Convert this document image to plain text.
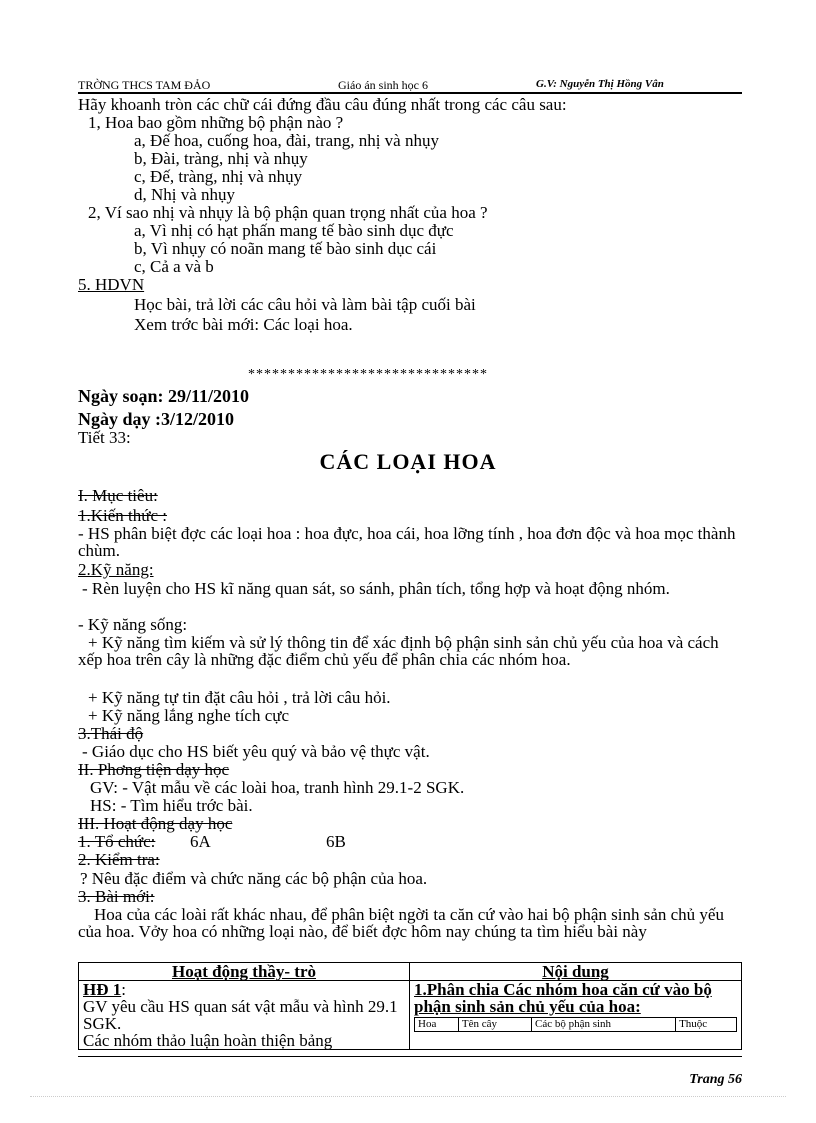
TRỜNG THCS TAM ĐẢO	Giáo án sinh học 6	G.V: Nguyễn Thị Hồng Vân
Hãy khoanh tròn các chữ cái đứng đầu câu đúng nhất trong các câu sau:
1, Hoa bao gồm những bộ phận nào ?
a, Đế hoa, cuống hoa, đài, trang, nhị và nhụy
b, Đài, tràng, nhị và nhụy
c, Đế, tràng, nhị và nhụy
d, Nhị và nhụy
2, Ví sao nhị và nhụy là bộ phận quan trọng nhất của hoa ?
a, Vì nhị có hạt phấn mang tế bào sinh dục đực
b, Vì nhụy có noãn mang tế bào sinh dục cái
c, Cả a và b
5. HDVN
Học bài, trả lời các câu hỏi và làm bài tập cuối bài
Xem trớc bài mới: Các loại hoa.
******************************
Ngày soạn: 29/11/2010
Ngày dạy :3/12/2010
Tiết 33:
CÁC LOẠI HOA
I. Mục tiêu:
1.Kiến thức :
- HS phân biệt đợc các loại hoa : hoa đực, hoa cái, hoa lỡng tính , hoa đơn độc và hoa mọc thành chùm.
2.Kỹ năng:
- Rèn luyện cho HS kĩ năng quan sát, so sánh, phân tích, tổng hợp và hoạt động nhóm.
- Kỹ năng sống:
+ Kỹ năng tìm kiếm và sử lý thông tin để xác định bộ phận sinh sản chủ yếu của hoa và cách xếp hoa trên cây là những đặc điểm chủ yếu để phân chia các nhóm hoa.
+ Kỹ năng tự tin đặt câu hỏi , trả lời câu hỏi.
+ Kỹ năng lắng nghe tích cực
3.Thái độ
- Giáo dục cho HS biết yêu quý và bảo vệ thực vật.
II. Phơng tiện dạy học
GV: - Vật mẫu về các loài hoa, tranh hình 29.1-2 SGK.
HS: - Tìm hiểu trớc bài.
III. Hoạt động dạy học
1. Tổ chức: 6A	6B
2. Kiểm tra:
? Nêu đặc điểm và chức năng các bộ phận của hoa.
3. Bài mới:
Hoa của các loài rất khác nhau, để phân biệt ngời ta căn cứ vào hai bộ phận sinh sản chủ yếu của hoa. Vởy hoa có những loại nào, để biết đợc hôm nay chúng ta tìm hiểu bài này
Hoạt động thầy- trò	Nội dung

HĐ 1:
GV yêu cầu HS quan sát vật mẫu và hình 29.1 SGK.
Các nhóm thảo luận hoàn thiện bảng

1.Phân chia Các nhóm hoa căn cứ vào bộ phận sinh sản chủ yếu của hoa:
Hoa	Tên cây	Các bộ phận sinh	Thuộc
Trang 56
